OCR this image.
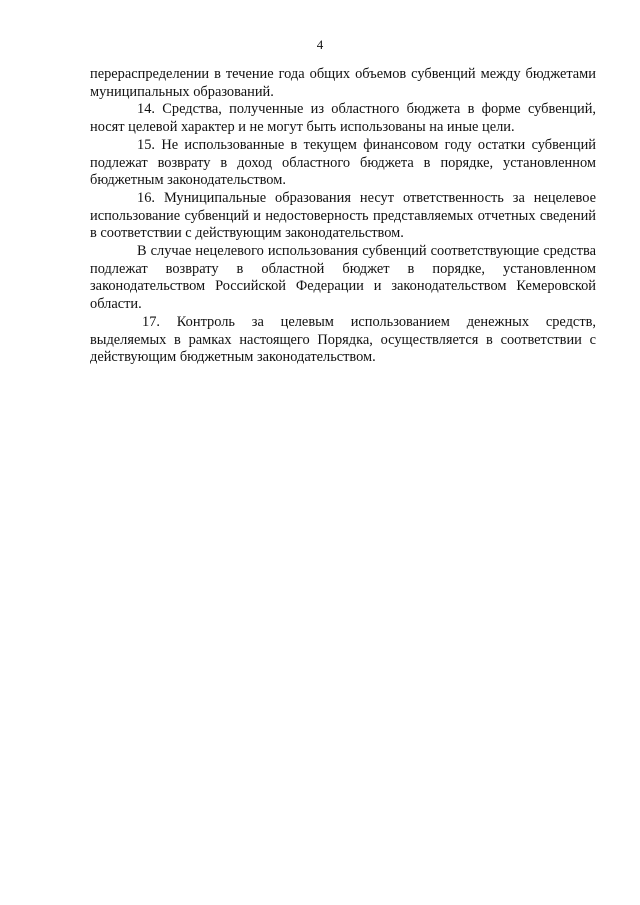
4

перераспределении в течение года общих объемов субвенций между бюджетами муниципальных образований.

14. Средства, полученные из областного бюджета в форме субвенций, носят целевой характер и не могут быть использованы на иные цели.

15. Не использованные в текущем финансовом году остатки субвенций подлежат возврату в доход областного бюджета в порядке, установленном бюджетным законодательством.

16. Муниципальные образования несут ответственность за нецелевое использование субвенций и недостоверность представляемых отчетных сведений в соответствии с действующим законодательством.

В случае нецелевого использования субвенций соответствующие средства подлежат возврату в областной бюджет в порядке, установленном законодательством Российской Федерации и законодательством Кемеровской области.

17. Контроль за целевым использованием денежных средств, выделяемых в рамках настоящего Порядка, осуществляется в соответствии с действующим бюджетным законодательством.
